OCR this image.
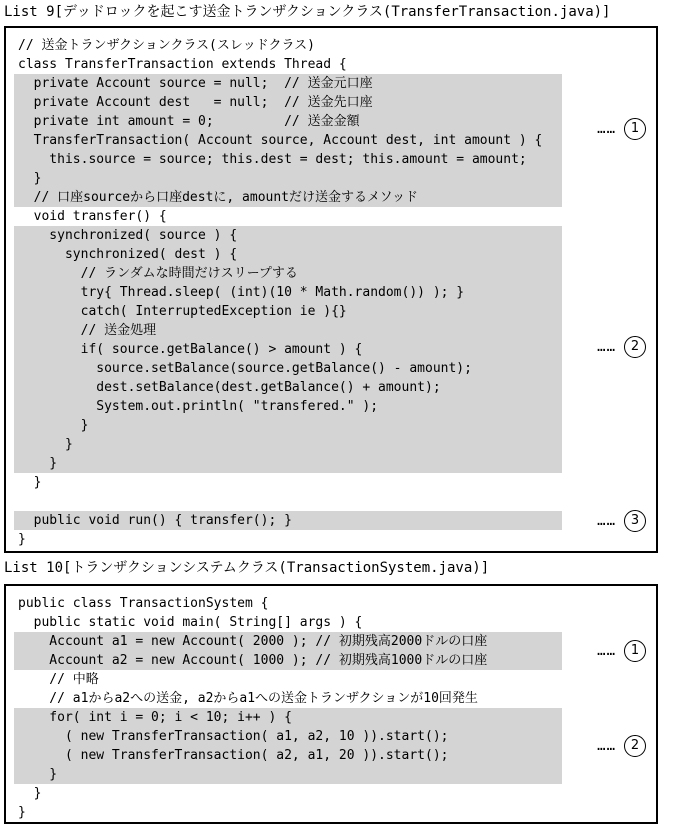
List 9[デッドロックを起こす送金トランザクションクラス(TransferTransaction.java)]
// 送金トランザクションクラス(スレッドクラス)
class TransferTransaction extends Thread {
private Account source = null;  // 送金元口座
private Account dest   = null;  // 送金先口座
private int amount = 0;         // 送金金額
TransferTransaction( Account source, Account dest, int amount ) {
this.source = source; this.dest = dest; this.amount = amount;
}
// 口座sourceから口座destに, amountだけ送金するメソッド
void transfer() {
synchronized( source ) {
synchronized( dest ) {
// ランダムな時間だけスリープする
try{ Thread.sleep( (int)(10 * Math.random()) ); }
catch( InterruptedException ie ){}
// 送金処理
if( source.getBalance() > amount ) {
source.setBalance(source.getBalance() - amount);
dest.setBalance(dest.getBalance() + amount);
System.out.println( "transfered." );
}
}
}
}
public void run() { transfer(); }
}
…… 1
…… 2
…… 3
List 10[トランザクションシステムクラス(TransactionSystem.java)]
public class TransactionSystem {
public static void main( String[] args ) {
Account a1 = new Account( 2000 ); // 初期残高2000ドルの口座
Account a2 = new Account( 1000 ); // 初期残高1000ドルの口座
// 中略
// a1からa2への送金, a2からa1への送金トランザクションが10回発生
for( int i = 0; i < 10; i++ ) {
( new TransferTransaction( a1, a2, 10 )).start();
( new TransferTransaction( a2, a1, 20 )).start();
}
}
}
…… 1
…… 2
